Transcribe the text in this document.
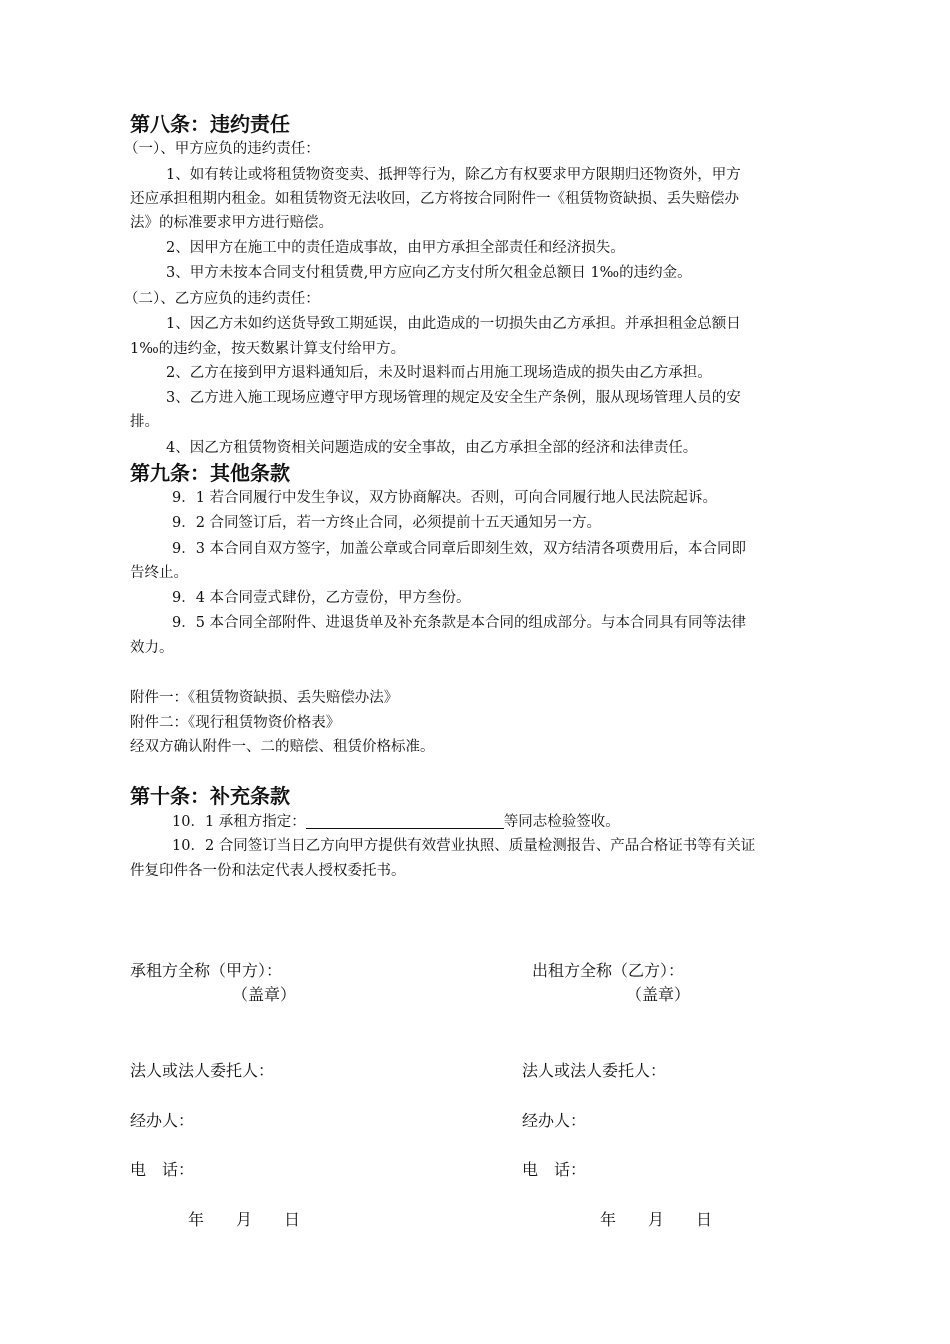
第八条：违约责任
（一）、甲方应负的违约责任：
1、如有转让或将租赁物资变卖、抵押等行为，除乙方有权要求甲方限期归还物资外，甲方
还应承担租期内租金。如租赁物资无法收回，乙方将按合同附件一《租赁物资缺损、丢失赔偿办
法》的标准要求甲方进行赔偿。
2、因甲方在施工中的责任造成事故，由甲方承担全部责任和经济损失。
3、甲方未按本合同支付租赁费,甲方应向乙方支付所欠租金总额日 1‰的违约金。
（二）、乙方应负的违约责任：
1、因乙方未如约送货导致工期延误，由此造成的一切损失由乙方承担。并承担租金总额日
1‰的违约金，按天数累计算支付给甲方。
2、乙方在接到甲方退料通知后，未及时退料而占用施工现场造成的损失由乙方承担。
3、乙方进入施工现场应遵守甲方现场管理的规定及安全生产条例，服从现场管理人员的安
排。
4、因乙方租赁物资相关问题造成的安全事故，由乙方承担全部的经济和法律责任。
第九条：其他条款
9．1 若合同履行中发生争议，双方协商解决。否则，可向合同履行地人民法院起诉。
9．2 合同签订后，若一方终止合同，必须提前十五天通知另一方。
9．3 本合同自双方签字，加盖公章或合同章后即刻生效，双方结清各项费用后，本合同即
告终止。
9．4 本合同壹式肆份，乙方壹份，甲方叁份。
9．5 本合同全部附件、进退货单及补充条款是本合同的组成部分。与本合同具有同等法律
效力。
附件一：《租赁物资缺损、丢失赔偿办法》
附件二：《现行租赁物资价格表》
经双方确认附件一、二的赔偿、租赁价格标准。
第十条：补充条款
10．1 承租方指定：	等同志检验签收。
10．2 合同签订当日乙方向甲方提供有效营业执照、质量检测报告、产品合格证书等有关证
件复印件各一份和法定代表人授权委托书。
承租方全称（甲方）：
（盖章）
法人或法人委托人：
经办人：
电　话：
年　　月　　日
出租方全称（乙方）：
（盖章）
法人或法人委托人：
经办人：
电　话：
年　　月　　日
